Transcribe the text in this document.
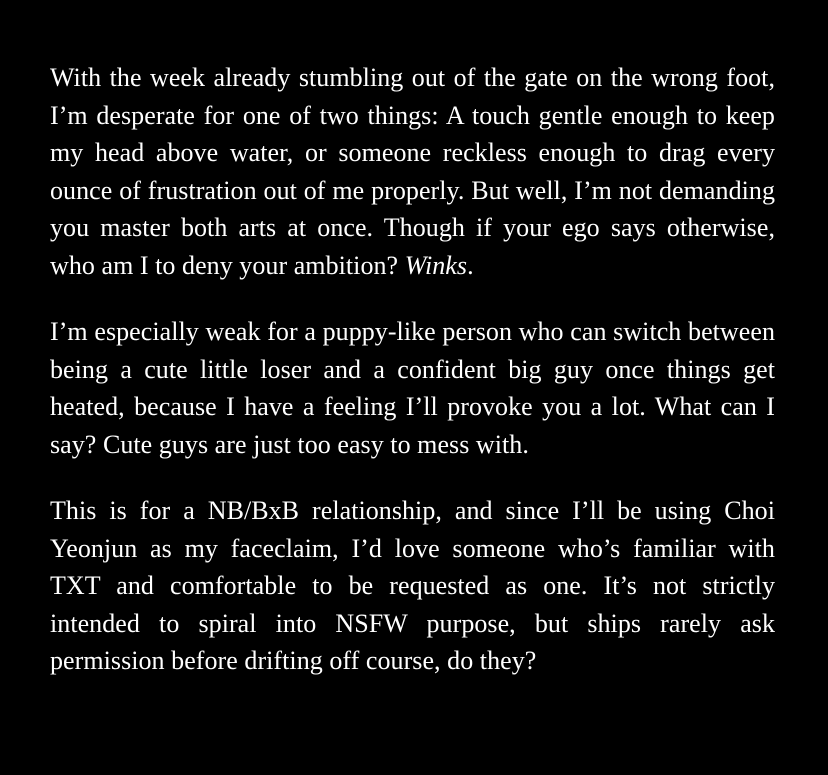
With the week already stumbling out of the gate on the wrong foot, I’m desperate for one of two things: A touch gentle enough to keep my head above water, or someone reckless enough to drag every ounce of frustration out of me properly. But well, I’m not demanding you master both arts at once. Though if your ego says otherwise, who am I to deny your ambition? Winks.

I’m especially weak for a puppy-like person who can switch between being a cute little loser and a confident big guy once things get heated, because I have a feeling I’ll provoke you a lot. What can I say? Cute guys are just too easy to mess with.

This is for a NB/BxB relationship, and since I’ll be using Choi Yeonjun as my faceclaim, I’d love someone who’s familiar with TXT and comfortable to be requested as one. It’s not strictly intended to spiral into NSFW purpose, but ships rarely ask permission before drifting off course, do they?
